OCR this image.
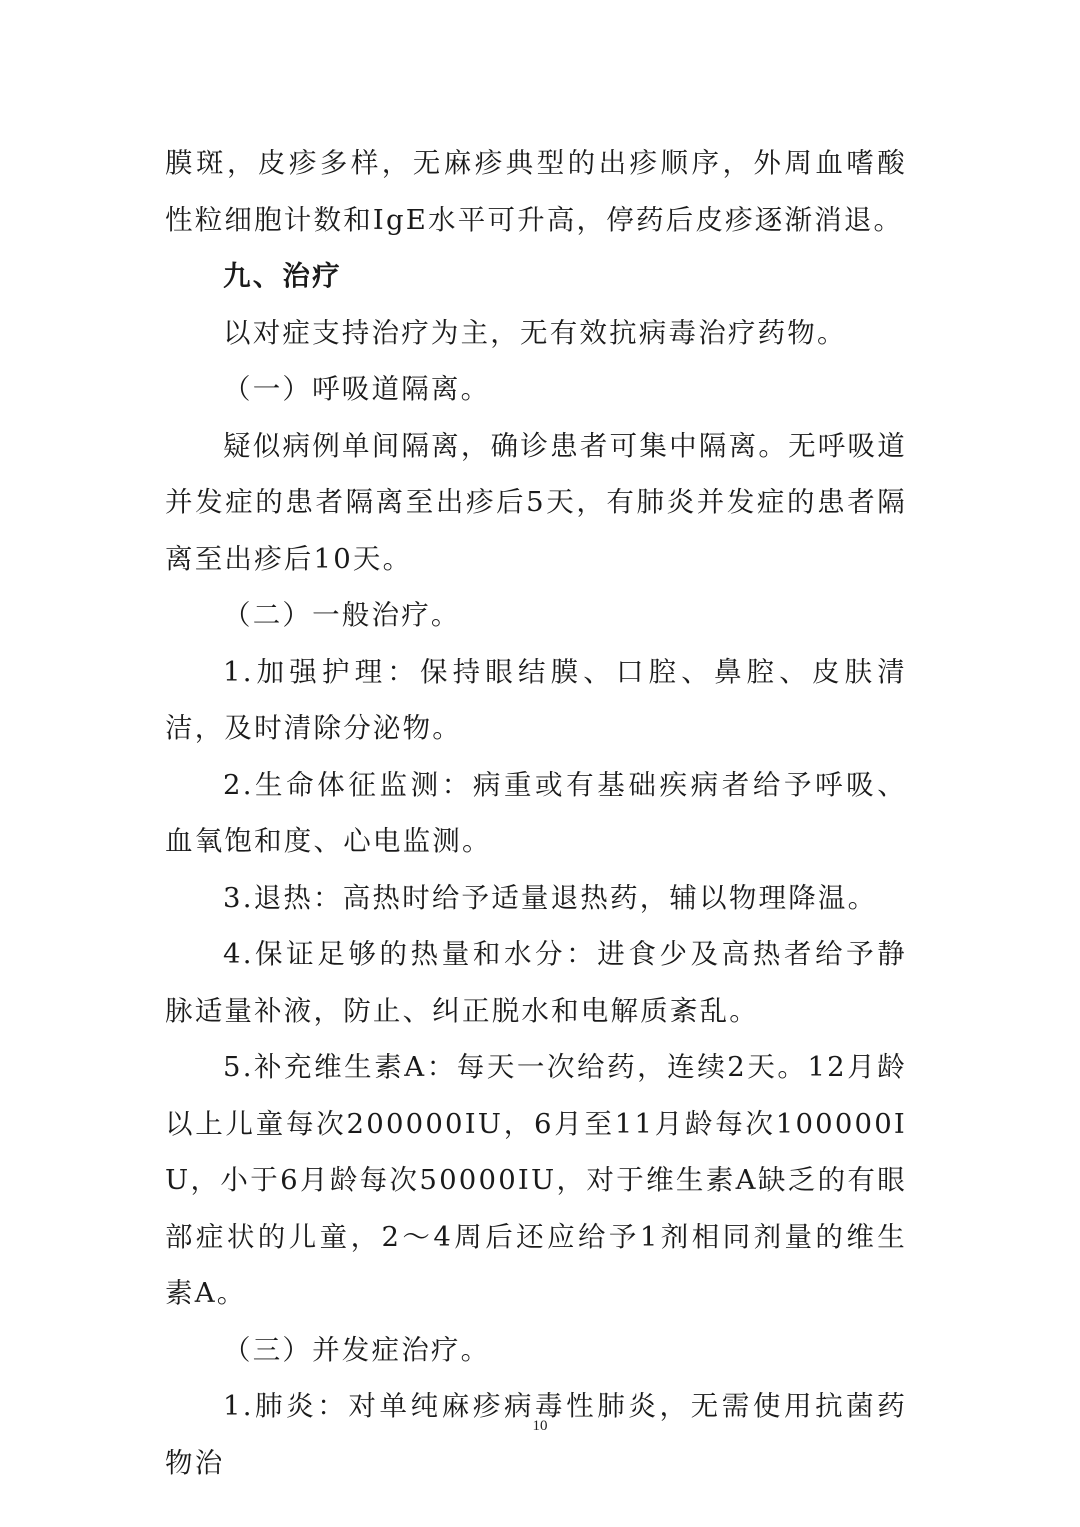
膜斑，皮疹多样，无麻疹典型的出疹顺序，外周血嗜酸性粒细胞计数和IgE水平可升高，停药后皮疹逐渐消退。

九、治疗

以对症支持治疗为主，无有效抗病毒治疗药物。

（一）呼吸道隔离。

疑似病例单间隔离，确诊患者可集中隔离。无呼吸道并发症的患者隔离至出疹后5天，有肺炎并发症的患者隔离至出疹后10天。

（二）一般治疗。

1.加强护理：保持眼结膜、口腔、鼻腔、皮肤清洁，及时清除分泌物。

2.生命体征监测：病重或有基础疾病者给予呼吸、血氧饱和度、心电监测。

3.退热：高热时给予适量退热药，辅以物理降温。

4.保证足够的热量和水分：进食少及高热者给予静脉适量补液，防止、纠正脱水和电解质紊乱。

5.补充维生素A：每天一次给药，连续2天。12月龄以上儿童每次200000IU，6月至11月龄每次100000IU，小于6月龄每次50000IU，对于维生素A缺乏的有眼部症状的儿童，2～4周后还应给予1剂相同剂量的维生素A。

（三）并发症治疗。

1.肺炎：对单纯麻疹病毒性肺炎，无需使用抗菌药物治

10
